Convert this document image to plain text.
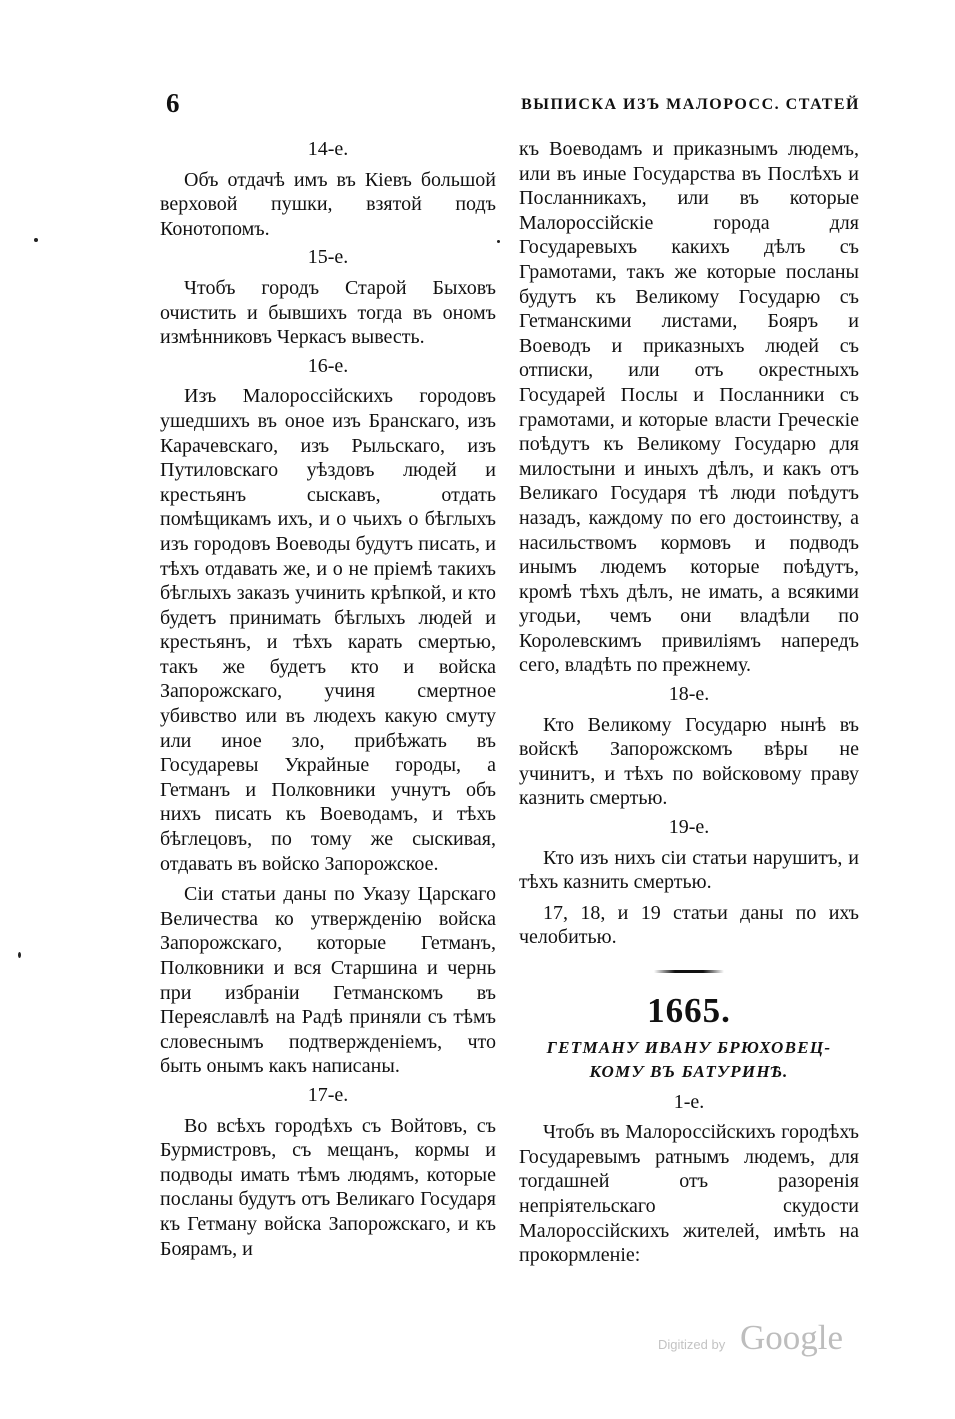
6	ВЫПИСКА ИЗЪ МАЛОРОСС. СТАТЕЙ

14-е.

Объ отдачѣ имъ въ Кіевъ большой верховой пушки, взятой подъ Конотопомъ.

15-е.

Чтобъ городъ Старой Быховъ очистить и бывшихъ тогда въ ономъ измѣнниковъ Черкасъ вывесть.

16-е.

Изъ Малороссійскихъ городовъ ушедшихъ въ оное изъ Бранскаго, изъ Карачевскаго, изъ Рыльскаго, изъ Путиловскаго уѣздовъ людей и крестьянъ сыскавъ, отдать помѣщикамъ ихъ, и о чьихъ о бѣглыхъ изъ городовъ Воеводы будутъ писать, и тѣхъ отдавать же, и о не пріемѣ такихъ бѣглыхъ заказъ учинить крѣпкой, и кто будетъ принимать бѣглыхъ людей и крестьянъ, и тѣхъ карать смертью, такъ же будетъ кто и войска Запорожскаго, учиня смертное убивство или въ людехъ какую смуту или иное зло, прибѣжать въ Государевы Украйные городы, а Гетманъ и Полковники учнутъ объ нихъ писать къ Воеводамъ, и тѣхъ бѣглецовъ, по тому же сыскивая, отдавать въ войско Запорожское.

Сіи статьи даны по Указу Царскаго Величества ко утвержденію войска Запорожскаго, которые Гетманъ, Полковники и вся Старшина и чернь при избраніи Гетманскомъ въ Переяславлѣ на Радѣ приняли съ тѣмъ словеснымъ подтвержденіемъ, что быть онымъ какъ написаны.

17-е.

Во всѣхъ городѣхъ съ Войтовъ, съ Бурмистровъ, съ мещанъ, кормы и подводы имать тѣмъ людямъ, которые посланы будутъ отъ Великаго Государя къ Гетману войска Запорожскаго, и къ Боярамъ, и

къ Воеводамъ и приказнымъ людемъ, или въ иные Государства въ Послѣхъ и Посланникахъ, или въ которые Малороссійскіе города для Государевыхъ какихъ дѣлъ съ Грамотами, такъ же которые посланы будутъ къ Великому Государю съ Гетманскими листами, Бояръ и Воеводъ и приказныхъ людей съ отписки, или отъ окрестныхъ Государей Послы и Посланники съ грамотами, и которые власти Греческіе поѣдутъ къ Великому Государю для милостыни и иныхъ дѣлъ, и какъ отъ Великаго Государя тѣ люди поѣдутъ назадъ, каждому по его достоинству, а насильствомъ кормовъ и подводъ инымъ людемъ которые поѣдутъ, кромѣ тѣхъ дѣлъ, не имать, а всякими угодьи, чемъ они владѣли по Королевскимъ привиліямъ напередъ сего, владѣть по прежнему.

18-е.

Кто Великому Государю нынѣ въ войскѣ Запорожскомъ вѣры не учинитъ, и тѣхъ по войсковому праву казнить смертью.

19-е.

Кто изъ нихъ сіи статьи нарушитъ, и тѣхъ казнить смертью.

17, 18, и 19 статьи даны по ихъ челобитью.

1665.
ГЕТМАНУ ИВАНУ БРЮХОВЕЦ-
КОМУ ВЪ БАТУРИНѢ.

1-е.

Чтобъ въ Малороссійскихъ городѣхъ Государевымъ ратнымъ людемъ, для тогдашней отъ разоренія непріятельскаго скудости Малороссійскихъ жителей, имѣть на прокормленіе:

Digitized by Google
